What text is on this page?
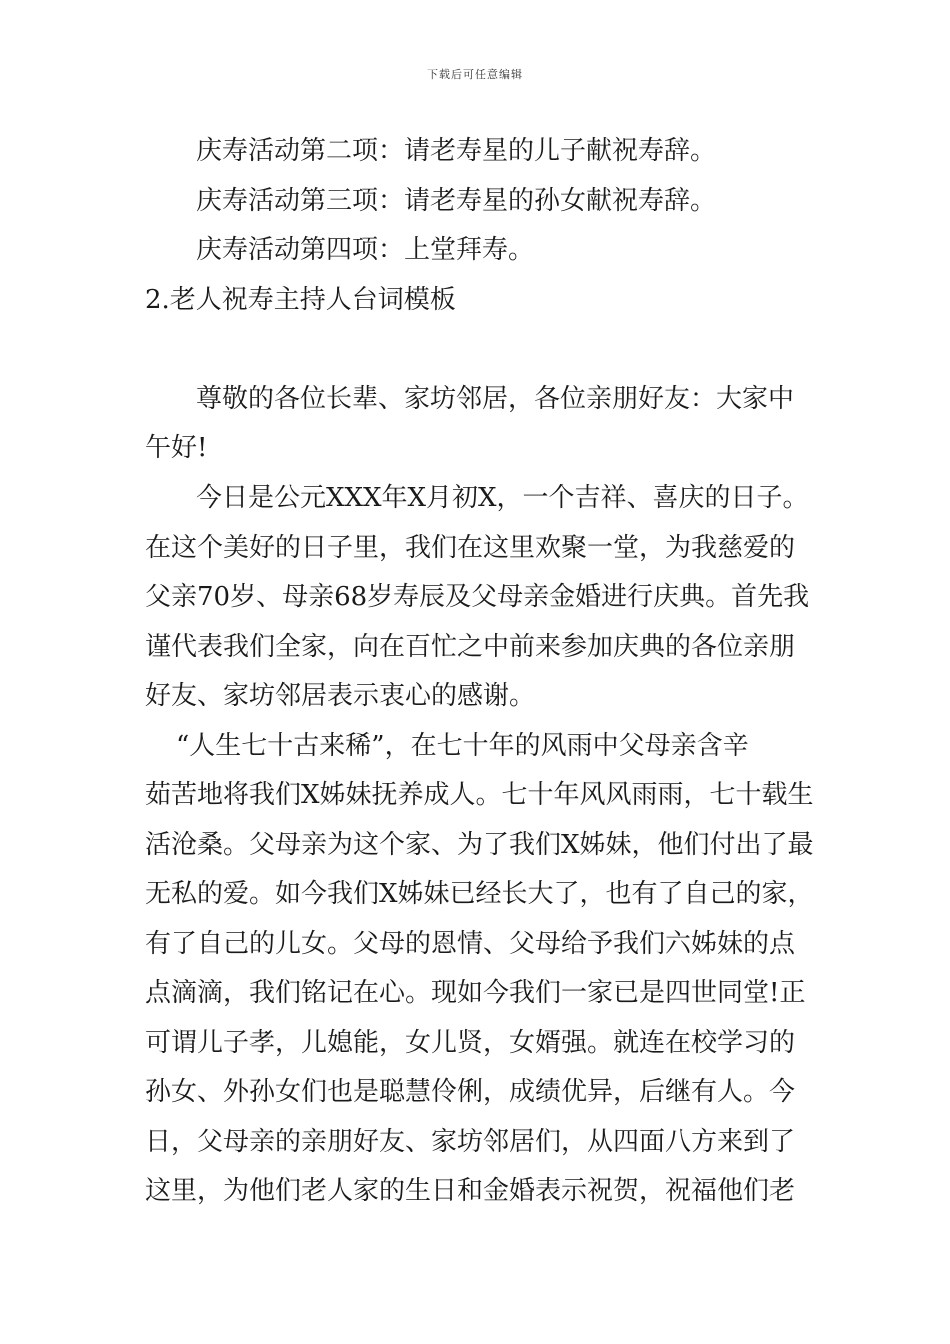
下载后可任意编辑
庆寿活动第二项：请老寿星的儿子献祝寿辞。
庆寿活动第三项：请老寿星的孙女献祝寿辞。
庆寿活动第四项：上堂拜寿。
2.老人祝寿主持人台词模板
尊敬的各位长辈、家坊邻居，各位亲朋好友：大家中
午好!
今日是公元XXX年X月初X，一个吉祥、喜庆的日子。
在这个美好的日子里，我们在这里欢聚一堂，为我慈爱的
父亲70岁、母亲68岁寿辰及父母亲金婚进行庆典。首先我
谨代表我们全家，向在百忙之中前来参加庆典的各位亲朋
好友、家坊邻居表示衷心的感谢。
“人生七十古来稀”，在七十年的风雨中父母亲含辛
茹苦地将我们X姊妹抚养成人。七十年风风雨雨，七十载生
活沧桑。父母亲为这个家、为了我们X姊妹，他们付出了最
无私的爱。如今我们X姊妹已经长大了，也有了自己的家，
有了自己的儿女。父母的恩情、父母给予我们六姊妹的点
点滴滴，我们铭记在心。现如今我们一家已是四世同堂!正
可谓儿子孝，儿媳能，女儿贤，女婿强。就连在校学习的
孙女、外孙女们也是聪慧伶俐，成绩优异，后继有人。今
日，父母亲的亲朋好友、家坊邻居们，从四面八方来到了
这里，为他们老人家的生日和金婚表示祝贺，祝福他们老
